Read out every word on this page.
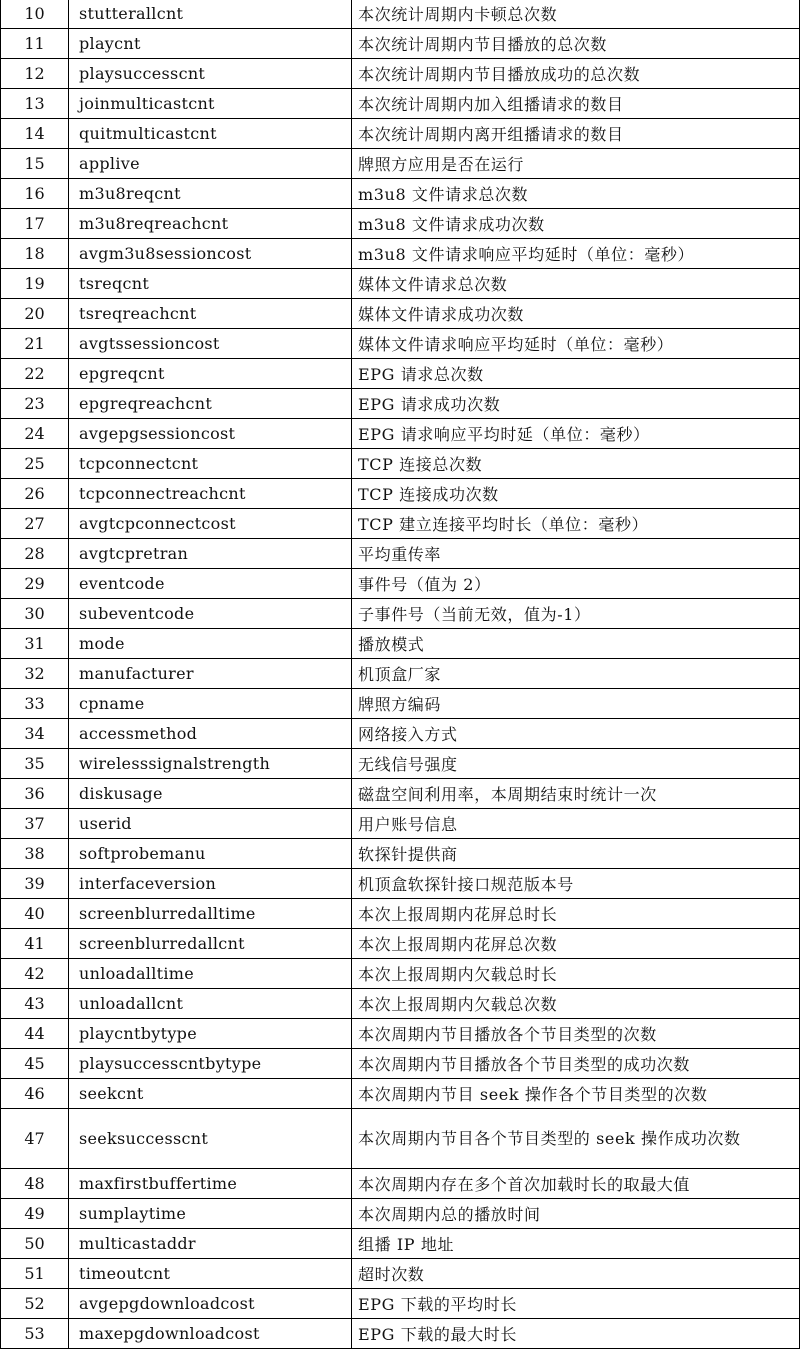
10	stutterallcnt	本次统计周期内卡顿总次数
11	playcnt	本次统计周期内节目播放的总次数
12	playsuccesscnt	本次统计周期内节目播放成功的总次数
13	joinmulticastcnt	本次统计周期内加入组播请求的数目
14	quitmulticastcnt	本次统计周期内离开组播请求的数目
15	applive	牌照方应用是否在运行
16	m3u8reqcnt	m3u8 文件请求总次数
17	m3u8reqreachcnt	m3u8 文件请求成功次数
18	avgm3u8sessioncost	m3u8 文件请求响应平均延时（单位：毫秒）
19	tsreqcnt	媒体文件请求总次数
20	tsreqreachcnt	媒体文件请求成功次数
21	avgtssessioncost	媒体文件请求响应平均延时（单位：毫秒）
22	epgreqcnt	EPG 请求总次数
23	epgreqreachcnt	EPG 请求成功次数
24	avgepgsessioncost	EPG 请求响应平均时延（单位：毫秒）
25	tcpconnectcnt	TCP 连接总次数
26	tcpconnectreachcnt	TCP 连接成功次数
27	avgtcpconnectcost	TCP 建立连接平均时长（单位：毫秒）
28	avgtcpretran	平均重传率
29	eventcode	事件号（值为 2）
30	subeventcode	子事件号（当前无效，值为-1）
31	mode	播放模式
32	manufacturer	机顶盒厂家
33	cpname	牌照方编码
34	accessmethod	网络接入方式
35	wirelesssignalstrength	无线信号强度
36	diskusage	磁盘空间利用率，本周期结束时统计一次
37	userid	用户账号信息
38	softprobemanu	软探针提供商
39	interfaceversion	机顶盒软探针接口规范版本号
40	screenblurredalltime	本次上报周期内花屏总时长
41	screenblurredallcnt	本次上报周期内花屏总次数
42	unloadalltime	本次上报周期内欠载总时长
43	unloadallcnt	本次上报周期内欠载总次数
44	playcntbytype	本次周期内节目播放各个节目类型的次数
45	playsuccesscntbytype	本次周期内节目播放各个节目类型的成功次数
46	seekcnt	本次周期内节目 seek 操作各个节目类型的次数
47	seeksuccesscnt	本次周期内节目各个节目类型的 seek 操作成功次数
48	maxfirstbuffertime	本次周期内存在多个首次加载时长的取最大值
49	sumplaytime	本次周期内总的播放时间
50	multicastaddr	组播 IP 地址
51	timeoutcnt	超时次数
52	avgepgdownloadcost	EPG 下载的平均时长
53	maxepgdownloadcost	EPG 下载的最大时长
